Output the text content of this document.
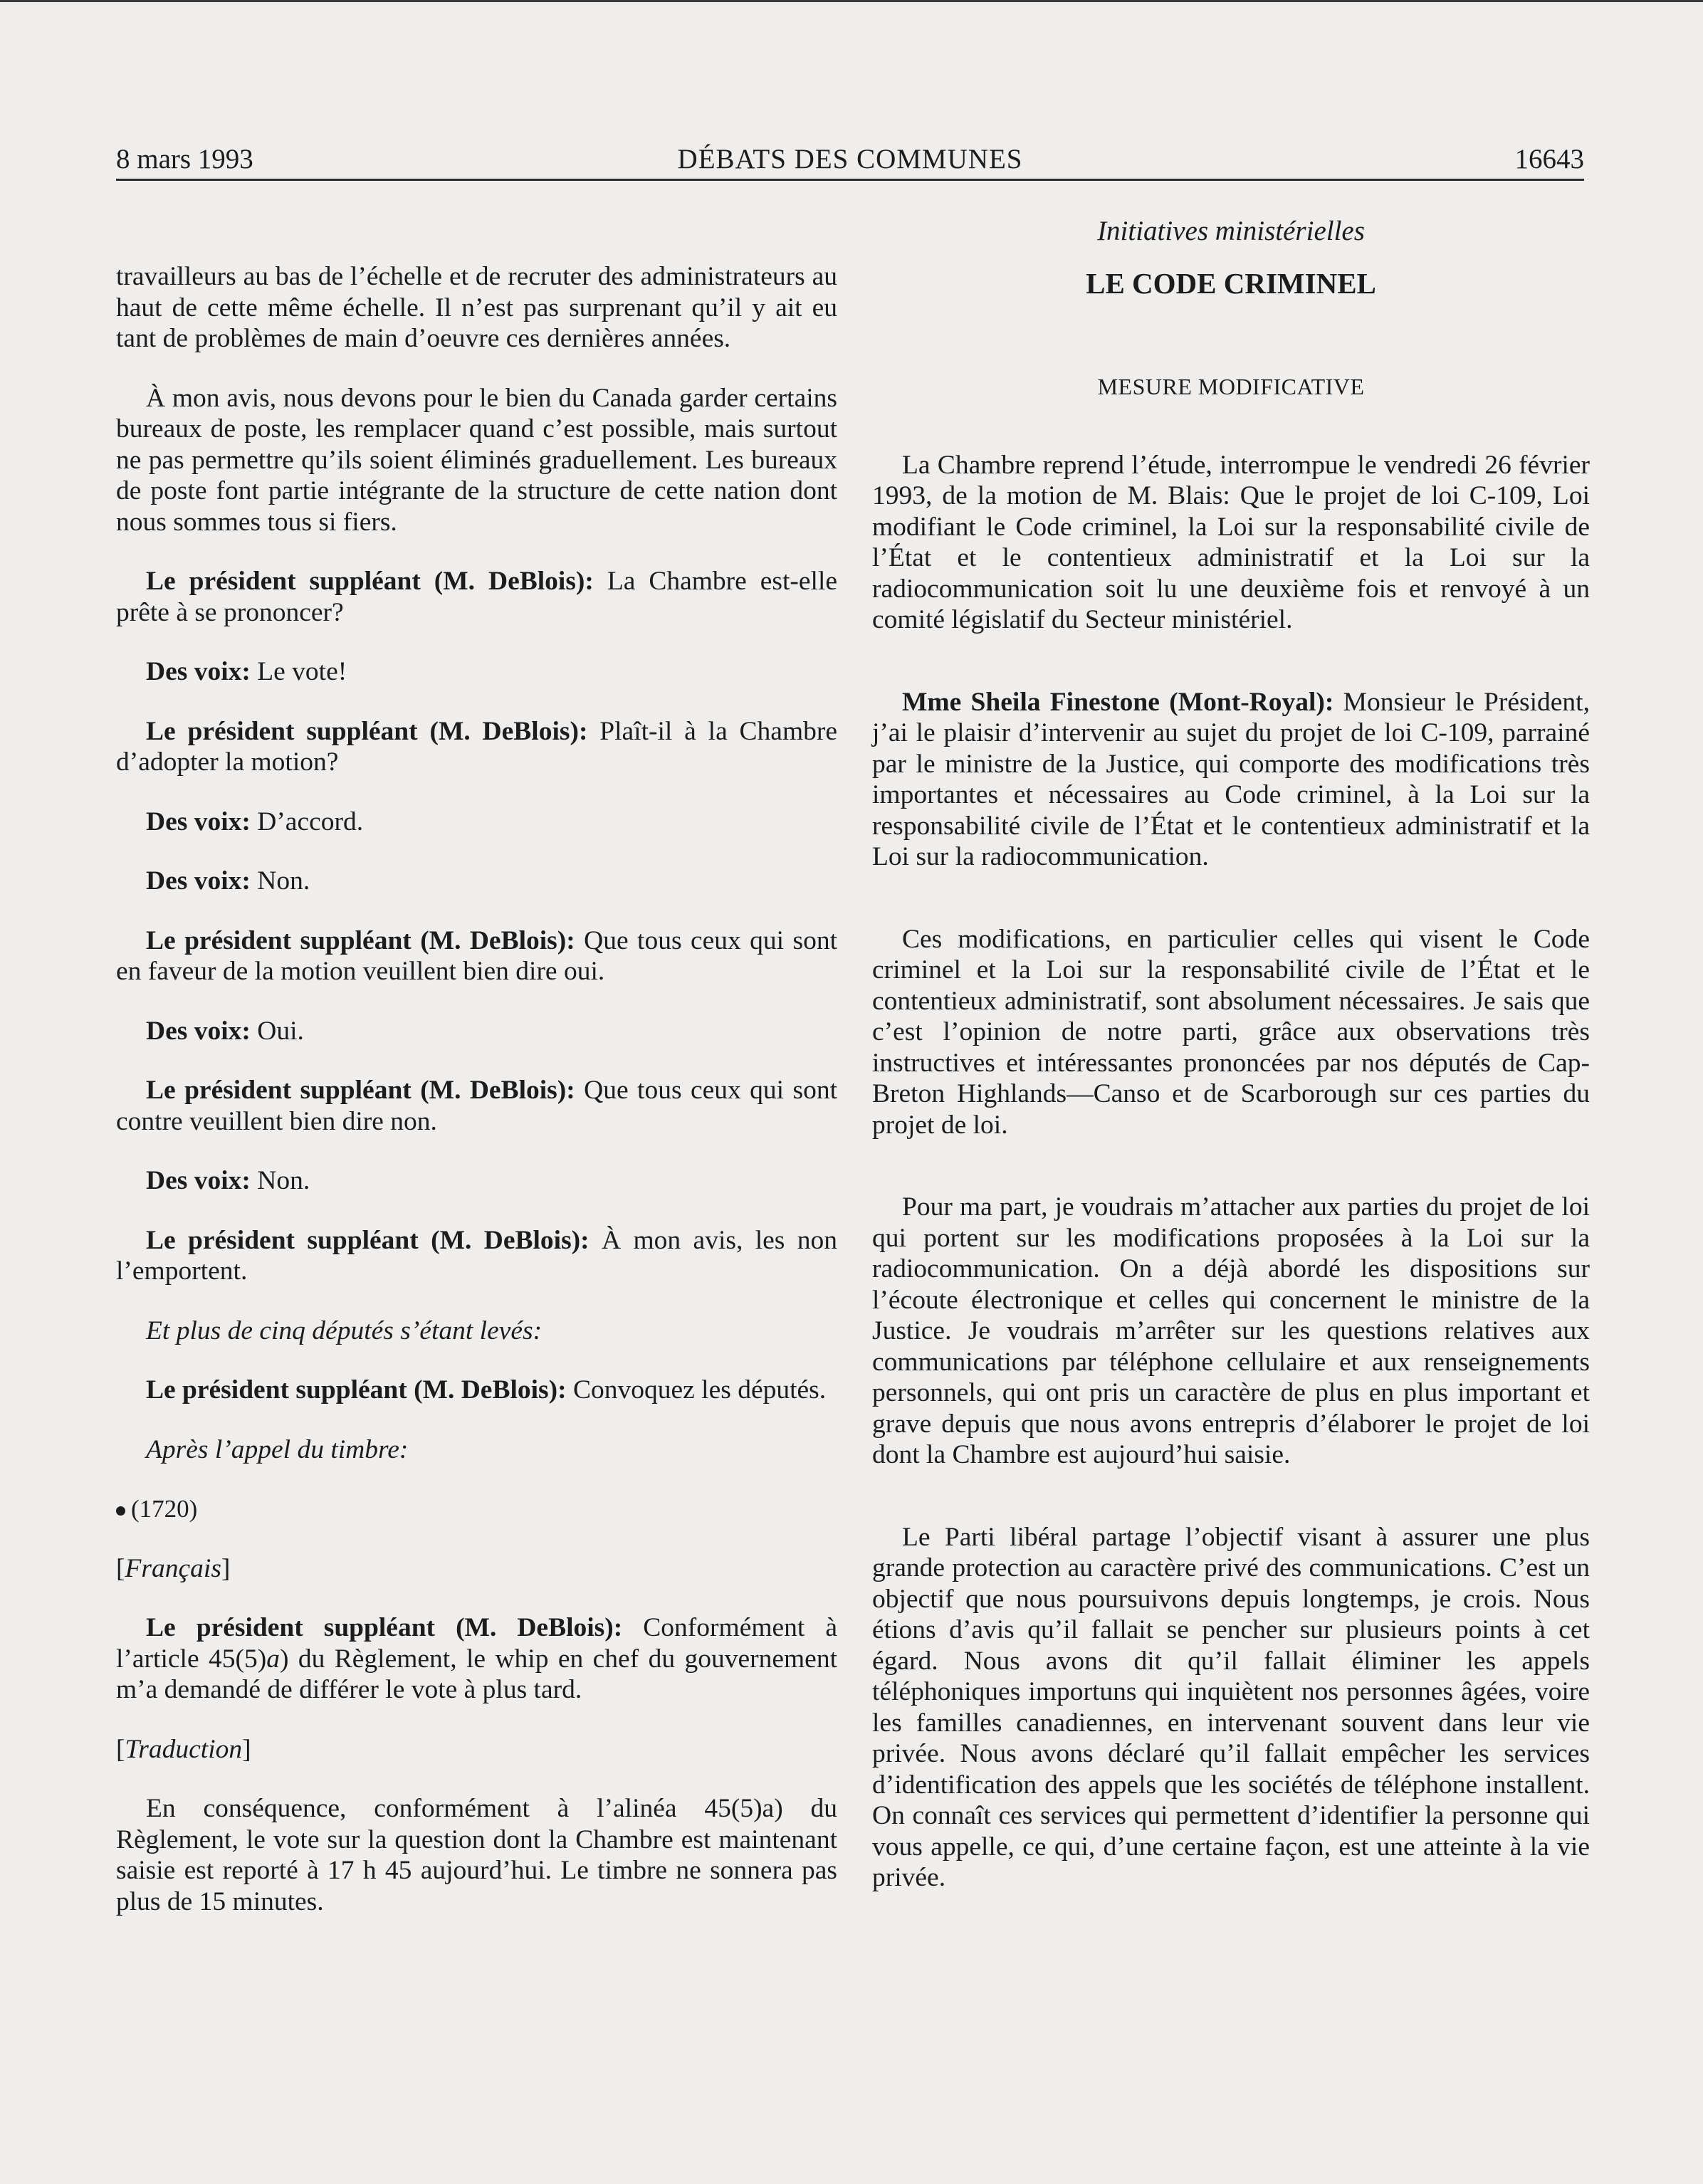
8 mars 1993	DÉBATS DES COMMUNES	16643

travailleurs au bas de l’échelle et de recruter des administrateurs au haut de cette même échelle. Il n’est pas surprenant qu’il y ait eu tant de problèmes de main d’oeuvre ces dernières années.

À mon avis, nous devons pour le bien du Canada garder certains bureaux de poste, les remplacer quand c’est possible, mais surtout ne pas permettre qu’ils soient éliminés graduellement. Les bureaux de poste font partie intégrante de la structure de cette nation dont nous sommes tous si fiers.

Le président suppléant (M. DeBlois): La Chambre est-elle prête à se prononcer?

Des voix: Le vote!

Le président suppléant (M. DeBlois): Plaît-il à la Chambre d’adopter la motion?

Des voix: D’accord.

Des voix: Non.

Le président suppléant (M. DeBlois): Que tous ceux qui sont en faveur de la motion veuillent bien dire oui.

Des voix: Oui.

Le président suppléant (M. DeBlois): Que tous ceux qui sont contre veuillent bien dire non.

Des voix: Non.

Le président suppléant (M. DeBlois): À mon avis, les non l’emportent.

Et plus de cinq députés s’étant levés:

Le président suppléant (M. DeBlois): Convoquez les députés.

Après l’appel du timbre:

(1720)

[Français]

Le président suppléant (M. DeBlois): Conformément à l’article 45(5)a) du Règlement, le whip en chef du gouvernement m’a demandé de différer le vote à plus tard.

[Traduction]

En conséquence, conformément à l’alinéa 45(5)a) du Règlement, le vote sur la question dont la Chambre est maintenant saisie est reporté à 17 h 45 aujourd’hui. Le timbre ne sonnera pas plus de 15 minutes.

Initiatives ministérielles

LE CODE CRIMINEL

MESURE MODIFICATIVE

La Chambre reprend l’étude, interrompue le vendredi 26 février 1993, de la motion de M. Blais: Que le projet de loi C-109, Loi modifiant le Code criminel, la Loi sur la responsabilité civile de l’État et le contentieux administratif et la Loi sur la radiocommunication soit lu une deuxième fois et renvoyé à un comité législatif du Secteur ministériel.

Mme Sheila Finestone (Mont-Royal): Monsieur le Président, j’ai le plaisir d’intervenir au sujet du projet de loi C-109, parrainé par le ministre de la Justice, qui comporte des modifications très importantes et nécessaires au Code criminel, à la Loi sur la responsabilité civile de l’État et le contentieux administratif et la Loi sur la radiocommunication.

Ces modifications, en particulier celles qui visent le Code criminel et la Loi sur la responsabilité civile de l’État et le contentieux administratif, sont absolument nécessaires. Je sais que c’est l’opinion de notre parti, grâce aux observations très instructives et intéressantes prononcées par nos députés de Cap-Breton Highlands—Canso et de Scarborough sur ces parties du projet de loi.

Pour ma part, je voudrais m’attacher aux parties du projet de loi qui portent sur les modifications proposées à la Loi sur la radiocommunication. On a déjà abordé les dispositions sur l’écoute électronique et celles qui concernent le ministre de la Justice. Je voudrais m’arrêter sur les questions relatives aux communications par téléphone cellulaire et aux renseignements personnels, qui ont pris un caractère de plus en plus important et grave depuis que nous avons entrepris d’élaborer le projet de loi dont la Chambre est aujourd’hui saisie.

Le Parti libéral partage l’objectif visant à assurer une plus grande protection au caractère privé des communications. C’est un objectif que nous poursuivons depuis longtemps, je crois. Nous étions d’avis qu’il fallait se pencher sur plusieurs points à cet égard. Nous avons dit qu’il fallait éliminer les appels téléphoniques importuns qui inquiètent nos personnes âgées, voire les familles canadiennes, en intervenant souvent dans leur vie privée. Nous avons déclaré qu’il fallait empêcher les services d’identification des appels que les sociétés de téléphone installent. On connaît ces services qui permettent d’identifier la personne qui vous appelle, ce qui, d’une certaine façon, est une atteinte à la vie privée.
